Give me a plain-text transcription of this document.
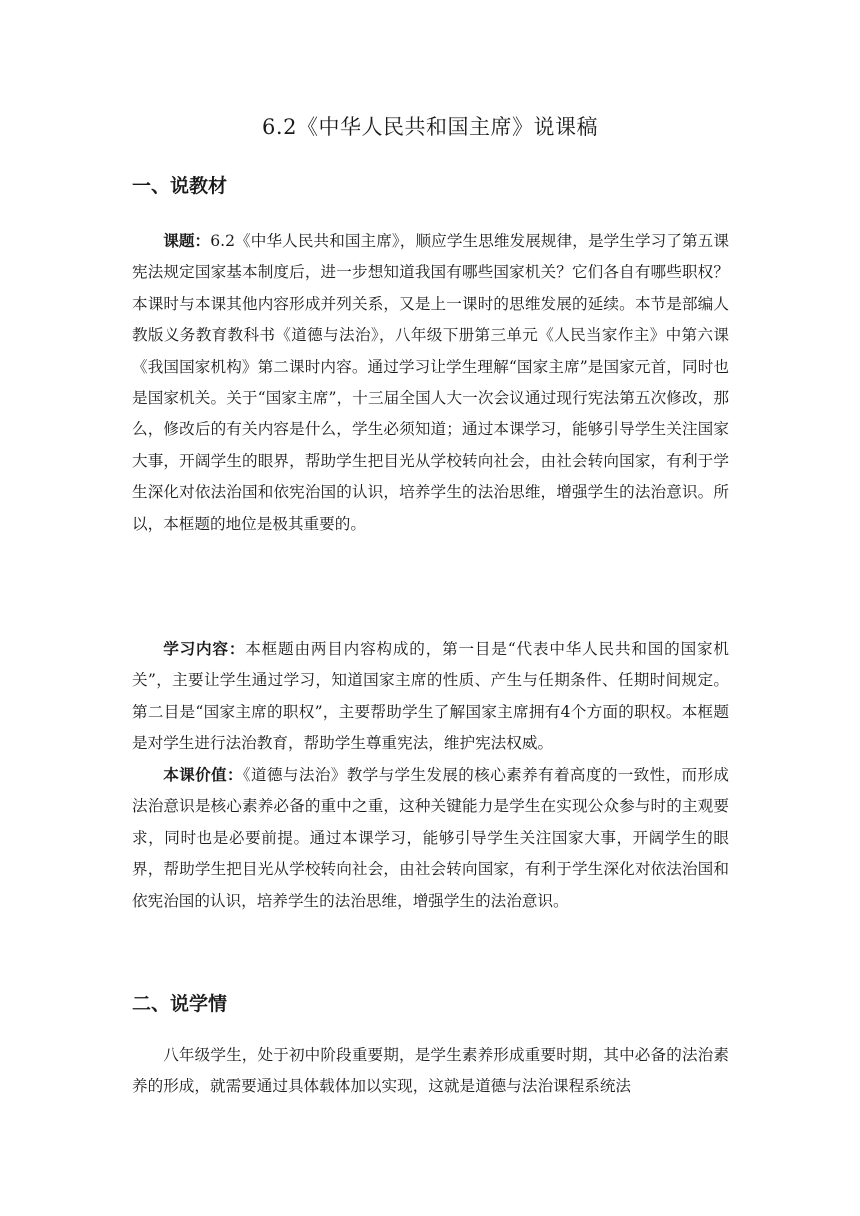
6.2《中华人民共和国主席》说课稿
一、说教材

课题：6.2《中华人民共和国主席》，顺应学生思维发展规律，是学生学习了第五课宪法规定国家基本制度后，进一步想知道我国有哪些国家机关？它们各自有哪些职权？本课时与本课其他内容形成并列关系，又是上一课时的思维发展的延续。本节是部编人教版义务教育教科书《道德与法治》，八年级下册第三单元《人民当家作主》中第六课《我国国家机构》第二课时内容。通过学习让学生理解“国家主席”是国家元首，同时也是国家机关。关于“国家主席”，十三届全国人大一次会议通过现行宪法第五次修改，那么，修改后的有关内容是什么，学生必须知道；通过本课学习，能够引导学生关注国家大事，开阔学生的眼界，帮助学生把目光从学校转向社会，由社会转向国家，有利于学生深化对依法治国和依宪治国的认识，培养学生的法治思维，增强学生的法治意识。所以，本框题的地位是极其重要的。

学习内容：本框题由两目内容构成的，第一目是“代表中华人民共和国的国家机关”，主要让学生通过学习，知道国家主席的性质、产生与任期条件、任期时间规定。第二目是“国家主席的职权”，主要帮助学生了解国家主席拥有4个方面的职权。本框题是对学生进行法治教育，帮助学生尊重宪法，维护宪法权威。

本课价值：《道德与法治》教学与学生发展的核心素养有着高度的一致性，而形成法治意识是核心素养必备的重中之重，这种关键能力是学生在实现公众参与时的主观要求，同时也是必要前提。通过本课学习，能够引导学生关注国家大事，开阔学生的眼界，帮助学生把目光从学校转向社会，由社会转向国家，有利于学生深化对依法治国和依宪治国的认识，培养学生的法治思维，增强学生的法治意识。

二、说学情

八年级学生，处于初中阶段重要期，是学生素养形成重要时期，其中必备的法治素养的形成，就需要通过具体载体加以实现，这就是道德与法治课程系统法
